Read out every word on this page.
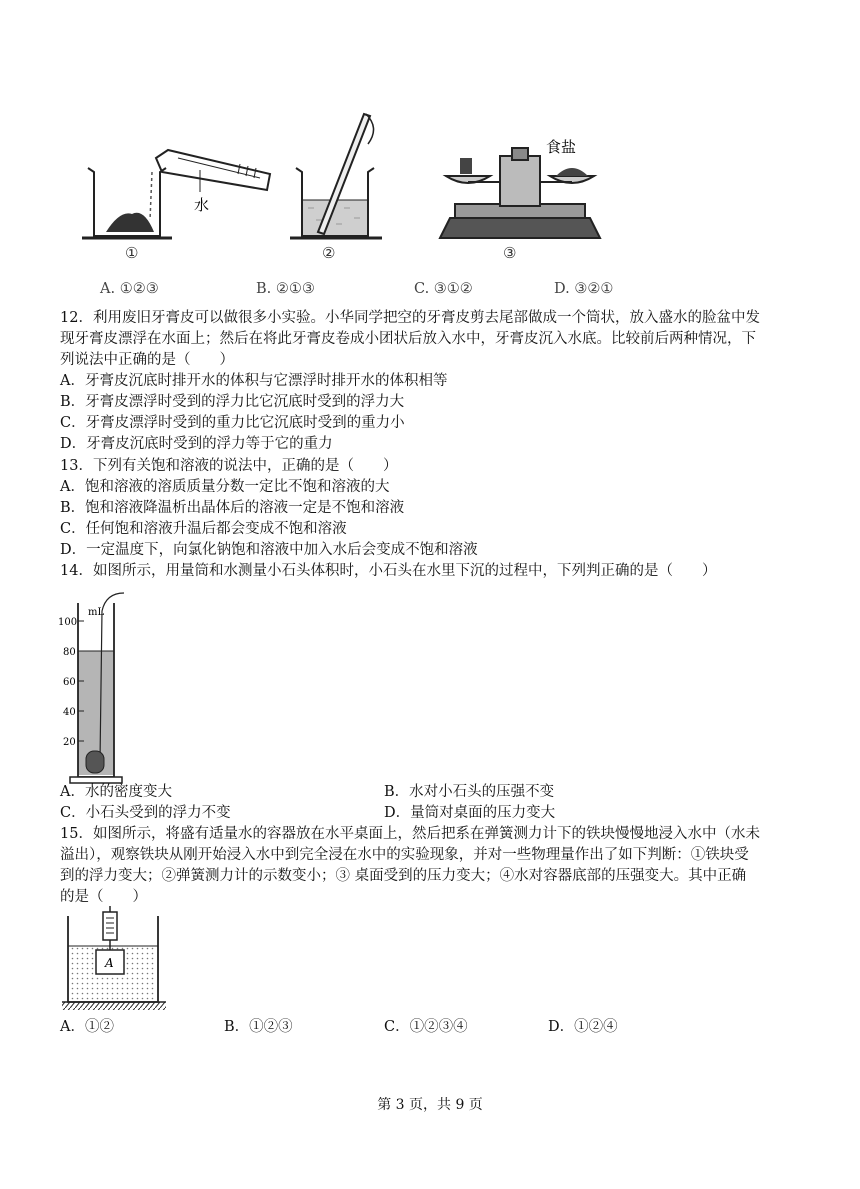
水
食盐
①	②	③
A. ①②③	B. ②①③	C. ③①②	D. ③②①
12．利用废旧牙膏皮可以做很多小实验。小华同学把空的牙膏皮剪去尾部做成一个筒状，放入盛水的脸盆中发
现牙膏皮漂浮在水面上；然后在将此牙膏皮卷成小团状后放入水中，牙膏皮沉入水底。比较前后两种情况，下
列说法中正确的是（　　）
A．牙膏皮沉底时排开水的体积与它漂浮时排开水的体积相等
B．牙膏皮漂浮时受到的浮力比它沉底时受到的浮力大
C．牙膏皮漂浮时受到的重力比它沉底时受到的重力小
D．牙膏皮沉底时受到的浮力等于它的重力
13．下列有关饱和溶液的说法中，正确的是（　　）
A．饱和溶液的溶质质量分数一定比不饱和溶液的大
B．饱和溶液降温析出晶体后的溶液一定是不饱和溶液
C．任何饱和溶液升温后都会变成不饱和溶液
D．一定温度下，向氯化钠饱和溶液中加入水后会变成不饱和溶液
14．如图所示，用量筒和水测量小石头体积时，小石头在水里下沉的过程中，下列判正确的是（　　）
mL
100
80
60
40
20
A．水的密度变大	B．水对小石头的压强不变
C．小石头受到的浮力不变	D．量筒对桌面的压力变大
15．如图所示，将盛有适量水的容器放在水平桌面上，然后把系在弹簧测力计下的铁块慢慢地浸入水中（水未
溢出），观察铁块从刚开始浸入水中到完全浸在水中的实验现象，并对一些物理量作出了如下判断：①铁块受
到的浮力变大；②弹簧测力计的示数变小；③ 桌面受到的压力变大；④水对容器底部的压强变大。其中正确
的是（　　）
A
A．①②	B．①②③	C．①②③④	D．①②④
第 3 页，共 9 页
